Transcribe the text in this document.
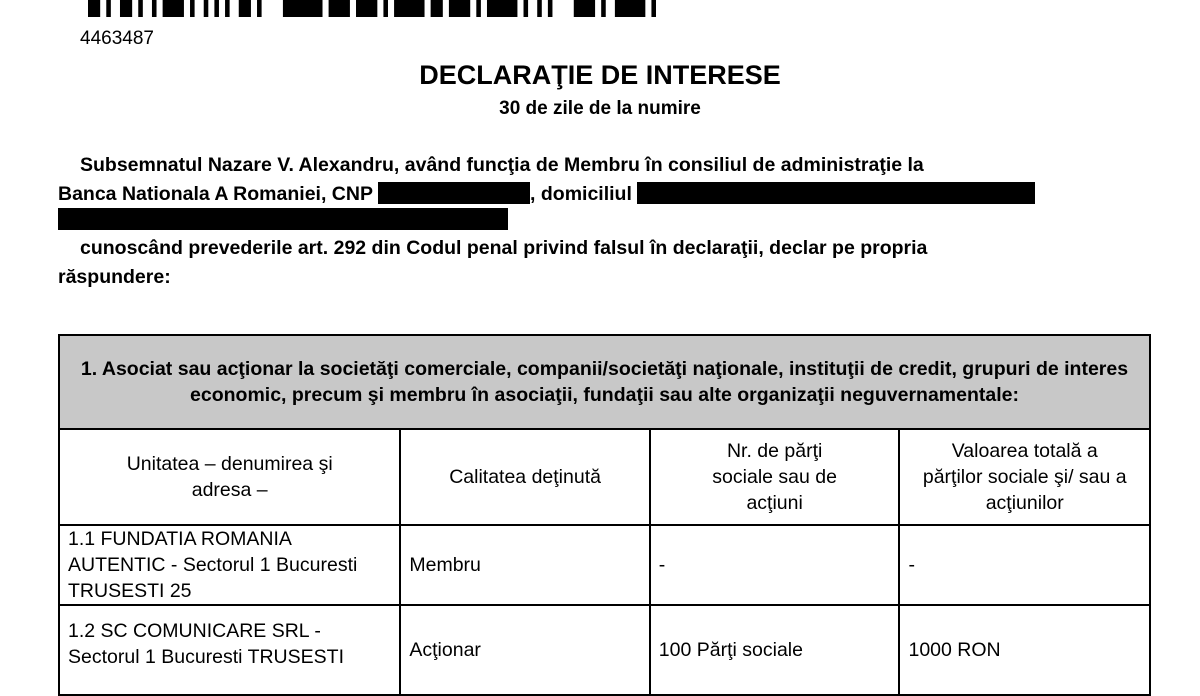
4463487
DECLARAŢIE DE INTERESE
30 de zile de la numire
Subsemnatul Nazare V. Alexandru, având funcţia de Membru în consiliul de administraţie la
Banca Nationala A Romaniei, CNP	, domiciliul
cunoscând prevederile art. 292 din Codul penal privind falsul în declaraţii, declar pe propria
răspundere:
1. Asociat sau acţionar la societăţi comerciale, companii/societăţi naţionale, instituţii de credit, grupuri de interes economic, precum şi membru în asociaţii, fundaţii sau alte organizaţii neguvernamentale:			
Unitatea – denumirea şi adresa –	Calitatea deţinută	Nr. de părţi sociale sau de acţiuni	Valoarea totală a părţilor sociale şi/ sau a acţiunilor
1.1 FUNDATIA ROMANIA AUTENTIC - Sectorul 1 Bucuresti TRUSESTI 25	Membru	-	-
1.2 SC COMUNICARE SRL - Sectorul 1 Bucuresti TRUSESTI	Acţionar	100 Părţi sociale	1000 RON
